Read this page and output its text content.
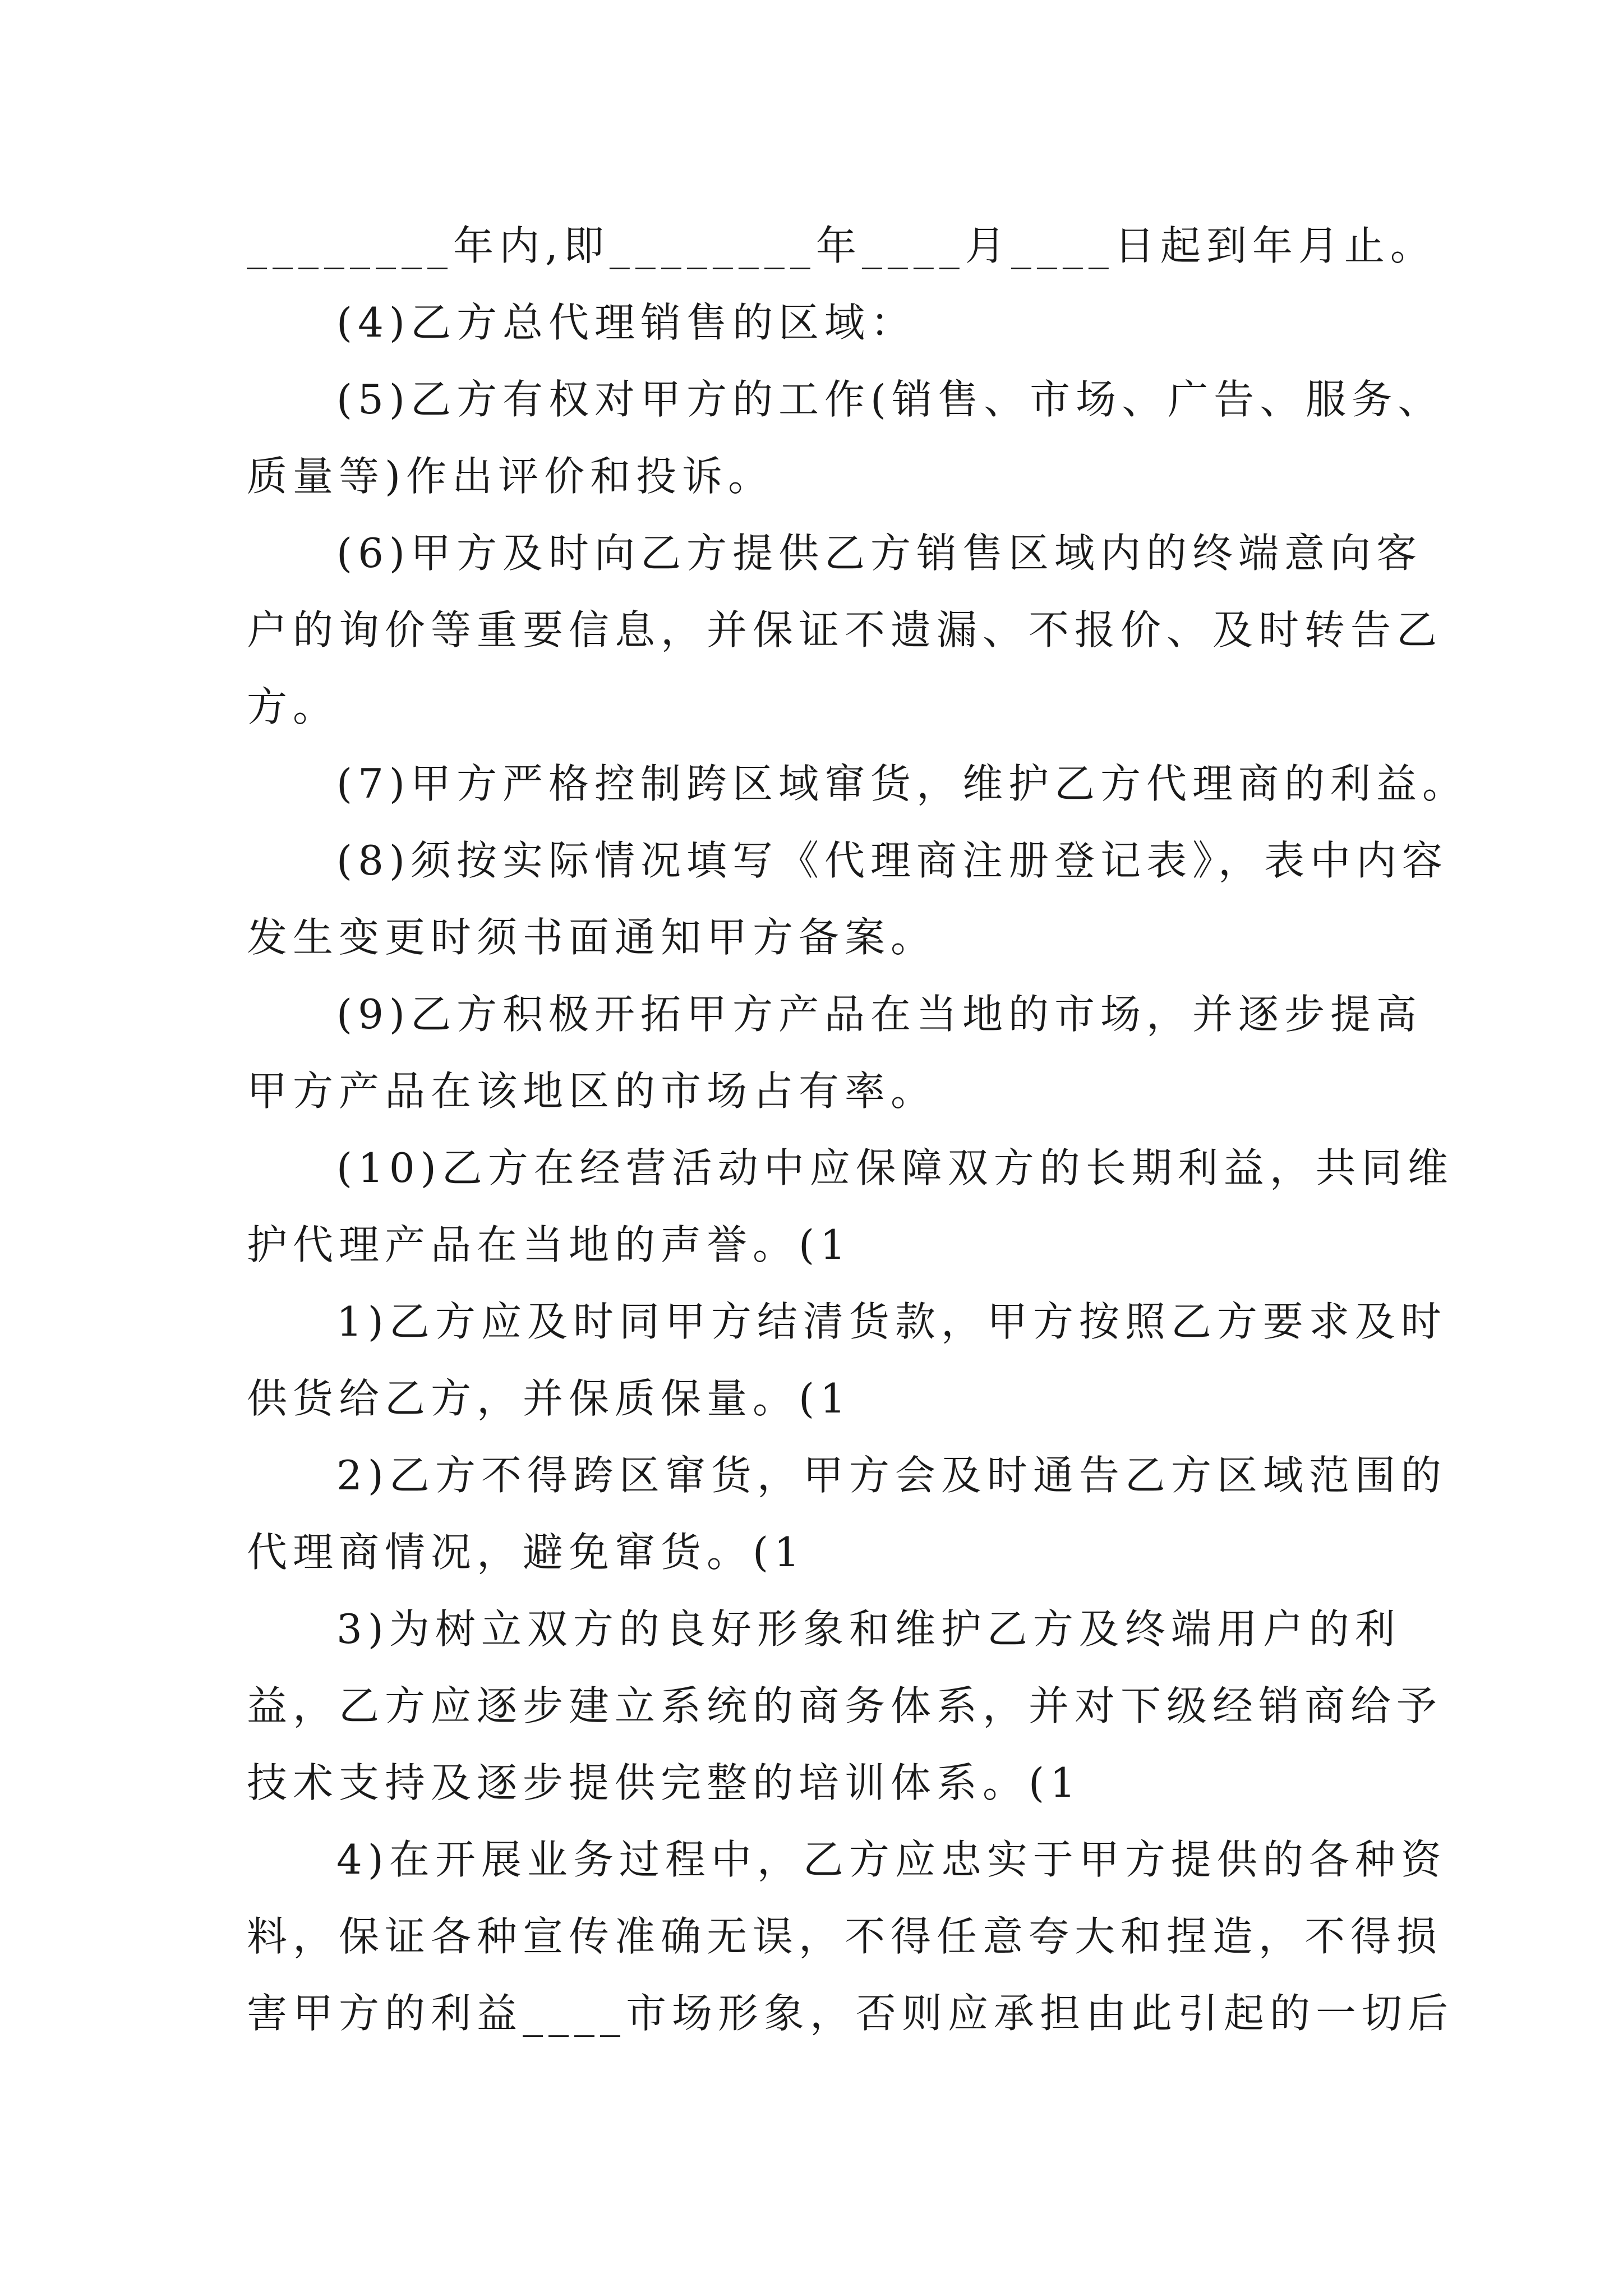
________年内,即________年____月____日起到年月止。
(4)乙方总代理销售的区域：
(5)乙方有权对甲方的工作(销售、市场、广告、服务、
质量等)作出评价和投诉。
(6)甲方及时向乙方提供乙方销售区域内的终端意向客
户的询价等重要信息，并保证不遗漏、不报价、及时转告乙
方。
(7)甲方严格控制跨区域窜货，维护乙方代理商的利益。
(8)须按实际情况填写《代理商注册登记表》，表中内容
发生变更时须书面通知甲方备案。
(9)乙方积极开拓甲方产品在当地的市场，并逐步提高
甲方产品在该地区的市场占有率。
(10)乙方在经营活动中应保障双方的长期利益，共同维
护代理产品在当地的声誉。(1
1)乙方应及时同甲方结清货款，甲方按照乙方要求及时
供货给乙方，并保质保量。(1
2)乙方不得跨区窜货，甲方会及时通告乙方区域范围的
代理商情况，避免窜货。(1
3)为树立双方的良好形象和维护乙方及终端用户的利
益，乙方应逐步建立系统的商务体系，并对下级经销商给予
技术支持及逐步提供完整的培训体系。(1
4)在开展业务过程中，乙方应忠实于甲方提供的各种资
料，保证各种宣传准确无误，不得任意夸大和捏造，不得损
害甲方的利益____市场形象，否则应承担由此引起的一切后
